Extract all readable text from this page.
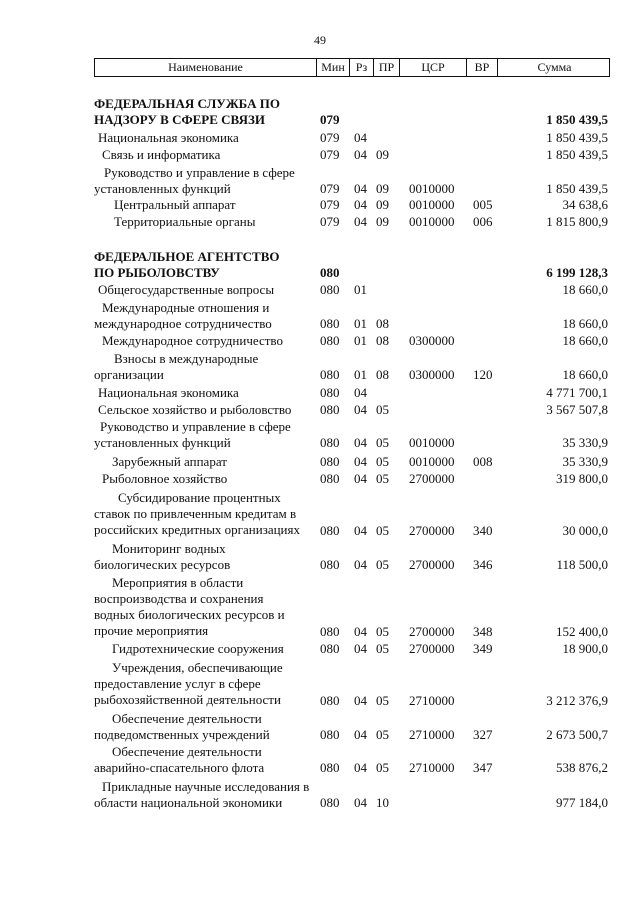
49
Наименование	Мин Рз ПР	ЦСР	ВР	Сумма
ФЕДЕРАЛЬНАЯ СЛУЖБА ПО НАДЗОРУ В СФЕРЕ СВЯЗИ	079	1 850 439,5
Национальная экономика	079 04	1 850 439,5
Связь и информатика	079 04 09	1 850 439,5
Руководство и управление в сфере установленных функций	079 04 09 0010000	1 850 439,5
Центральный аппарат	079 04 09 0010000 005	34 638,6
Территориальные органы	079 04 09 0010000 006	1 815 800,9
ФЕДЕРАЛЬНОЕ АГЕНТСТВО ПО РЫБОЛОВСТВУ	080	6 199 128,3
Общегосударственные вопросы	080 01	18 660,0
Международные отношения и международное сотрудничество	080 01 08	18 660,0
Международное сотрудничество	080 01 08 0300000	18 660,0
Взносы в международные организации	080 01 08 0300000 120	18 660,0
Национальная экономика	080 04	4 771 700,1
Сельское хозяйство и рыболовство	080 04 05	3 567 507,8
Руководство и управление в сфере установленных функций	080 04 05 0010000	35 330,9
Зарубежный аппарат	080 04 05 0010000 008	35 330,9
Рыболовное хозяйство	080 04 05 2700000	319 800,0
Субсидирование процентных ставок по привлеченным кредитам в российских кредитных организациях	080 04 05 2700000 340	30 000,0
Мониторинг водных биологических ресурсов	080 04 05 2700000 346	118 500,0
Мероприятия в области воспроизводства и сохранения водных биологических ресурсов и прочие мероприятия	080 04 05 2700000 348	152 400,0
Гидротехнические сооружения	080 04 05 2700000 349	18 900,0
Учреждения, обеспечивающие предоставление услуг в сфере рыбохозяйственной деятельности	080 04 05 2710000	3 212 376,9
Обеспечение деятельности подведомственных учреждений	080 04 05 2710000 327	2 673 500,7
Обеспечение деятельности аварийно-спасательного флота	080 04 05 2710000 347	538 876,2
Прикладные научные исследования в области национальной экономики	080 04 10	977 184,0
